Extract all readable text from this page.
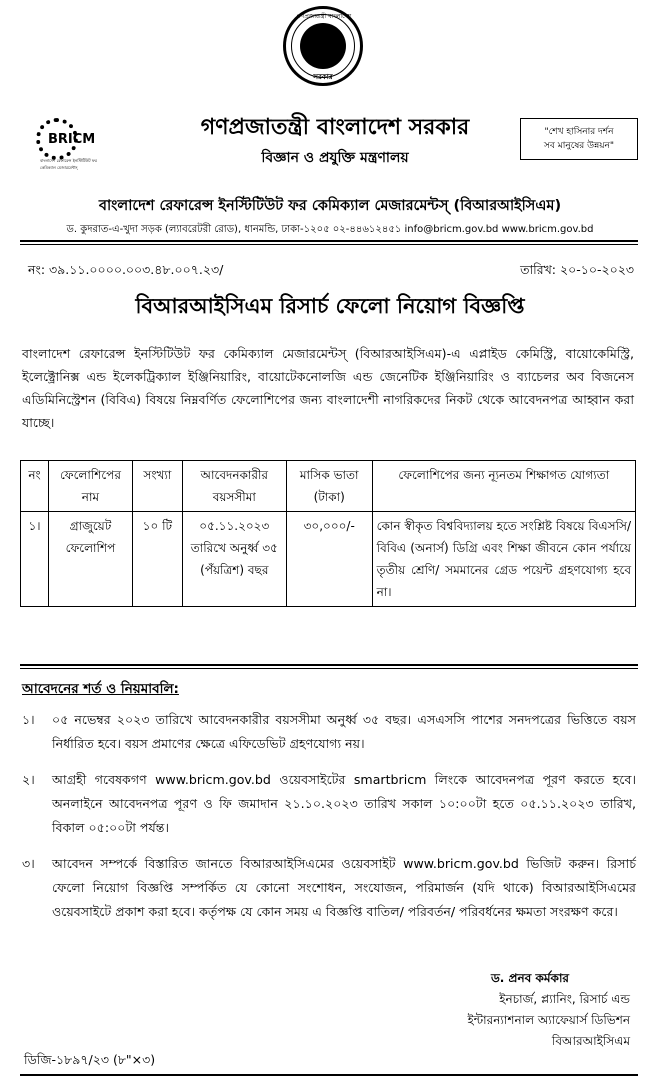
গণপ্রজাতন্ত্রী বাংলাদেশ
সরকার
BRICM
বাংলাদেশ রেফারেন্স ইনস্টিটিউট ফর কেমিক্যাল মেজারমেন্টস্
গণপ্রজাতন্ত্রী বাংলাদেশ সরকার
বিজ্ঞান ও প্রযুক্তি মন্ত্রণালয়
"শেখ হাসিনার দর্শন
সব মানুষের উন্নয়ন"
বাংলাদেশ রেফারেন্স ইনস্টিটিউট ফর কেমিক্যাল মেজারমেন্টস্ (বিআরআইসিএম)
ড. কুদরাত-এ-খুদা সড়ক (ল্যাবরেটরী রোড), ধানমন্ডি, ঢাকা-১২০৫ ০২-৪৪৬১২৪৫১ info@bricm.gov.bd www.bricm.gov.bd
নং: ৩৯.১১.০০০০.০০৩.৪৮.০০৭.২৩/	তারিখ: ২০-১০-২০২৩
বিআরআইসিএম রিসার্চ ফেলো নিয়োগ বিজ্ঞপ্তি
বাংলাদেশ রেফারেন্স ইনস্টিটিউট ফর কেমিক্যাল মেজারমেন্টস্ (বিআরআইসিএম)-এ এপ্লাইড কেমিস্ট্রি, বায়োকেমিস্ট্রি, ইলেক্ট্রোনিক্স এন্ড ইলেকট্রিক্যাল ইঞ্জিনিয়ারিং, বায়োটেকনোলজি এন্ড জেনেটিক ইঞ্জিনিয়ারিং ও ব্যাচেলর অব বিজনেস এডিমিনিস্ট্রেশন (বিবিএ) বিষয়ে নিম্নবর্ণিত ফেলোশিপের জন্য বাংলাদেশী নাগরিকদের নিকট থেকে আবেদনপত্র আহ্বান করা যাচ্ছে।
নং	ফেলোশিপের নাম	সংখ্যা	আবেদনকারীর বয়সসীমা	মাসিক ভাতা (টাকা)	ফেলোশিপের জন্য ন্যূনতম শিক্ষাগত যোগ্যতা
১।	গ্রাজুয়েট ফেলোশিপ	১০ টি	০৫.১১.২০২৩ তারিখে অনুর্ধ্ব ৩৫ (পঁয়ত্রিশ) বছর	৩০,০০০/-	কোন স্বীকৃত বিশ্ববিদ্যালয় হতে সংশ্লিষ্ট বিষয়ে বিএসসি/ বিবিএ (অনার্স) ডিগ্রি এবং শিক্ষা জীবনে কোন পর্যায়ে তৃতীয় শ্রেণি/ সমমানের গ্রেড পয়েন্ট গ্রহণযোগ্য হবে না।
আবেদনের শর্ত ও নিয়মাবলি:
১। ০৫ নভেম্বর ২০২৩ তারিখে আবেদনকারীর বয়সসীমা অনুর্ধ্ব ৩৫ বছর। এসএসসি পাশের সনদপত্রের ভিত্তিতে বয়স নির্ধারিত হবে। বয়স প্রমাণের ক্ষেত্রে এফিডেভিট গ্রহণযোগ্য নয়।
২। আগ্রহী গবেষকগণ www.bricm.gov.bd ওয়েবসাইটের smartbricm লিংকে আবেদনপত্র পূরণ করতে হবে। অনলাইনে আবেদনপত্র পূরণ ও ফি জমাদান ২১.১০.২০২৩ তারিখ সকাল ১০:০০টা হতে ০৫.১১.২০২৩ তারিখ, বিকাল ০৫:০০টা পর্যন্ত।
৩। আবেদন সম্পর্কে বিস্তারিত জানতে বিআরআইসিএমের ওয়েবসাইট www.bricm.gov.bd ভিজিট করুন। রিসার্চ ফেলো নিয়োগ বিজ্ঞপ্তি সম্পর্কিত যে কোনো সংশোধন, সংযোজন, পরিমার্জন (যদি থাকে) বিআরআইসিএমের ওয়েবসাইটে প্রকাশ করা হবে। কর্তৃপক্ষ যে কোন সময় এ বিজ্ঞপ্তি বাতিল/ পরিবর্তন/ পরিবর্ধনের ক্ষমতা সংরক্ষণ করে।
ড. প্রনব কর্মকার
ইনচার্জ, প্ল্যানিং, রিসার্চ এন্ড
ইন্টারন্যাশনাল অ্যাফেয়ার্স ডিভিশন
বিআরআইসিএম
ডিজি-১৮৯৭/২৩ (৮"×৩)
